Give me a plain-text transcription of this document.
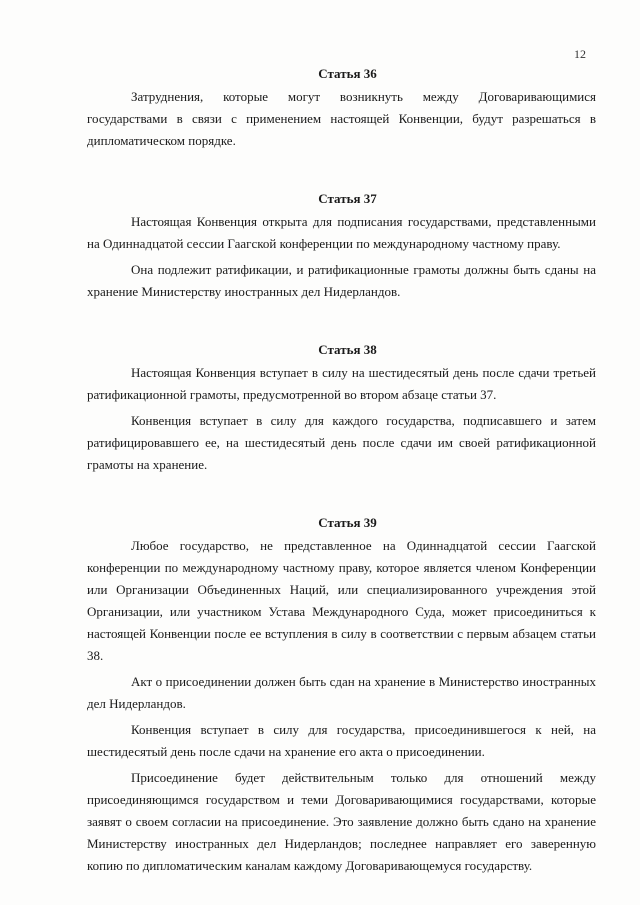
12
Статья 36

Затруднения, которые могут возникнуть между Договаривающимися государствами в связи с применением настоящей Конвенции, будут разрешаться в дипломатическом порядке.

Статья 37

Настоящая Конвенция открыта для подписания государствами, представленными на Одиннадцатой сессии Гаагской конференции по международному частному праву.

Она подлежит ратификации, и ратификационные грамоты должны быть сданы на хранение Министерству иностранных дел Нидерландов.

Статья 38

Настоящая Конвенция вступает в силу на шестидесятый день после сдачи третьей ратификационной грамоты, предусмотренной во втором абзаце статьи 37.

Конвенция вступает в силу для каждого государства, подписавшего и затем ратифицировавшего ее, на шестидесятый день после сдачи им своей ратификационной грамоты на хранение.

Статья 39

Любое государство, не представленное на Одиннадцатой сессии Гаагской конференции по международному частному праву, которое является членом Конференции или Организации Объединенных Наций, или специализированного учреждения этой Организации, или участником Устава Международного Суда, может присоединиться к настоящей Конвенции после ее вступления в силу в соответствии с первым абзацем статьи 38.

Акт о присоединении должен быть сдан на хранение в Министерство иностранных дел Нидерландов.

Конвенция вступает в силу для государства, присоединившегося к ней, на шестидесятый день после сдачи на хранение его акта о присоединении.

Присоединение будет действительным только для отношений между присоединяющимся государством и теми Договаривающимися государствами, которые заявят о своем согласии на присоединение. Это заявление должно быть сдано на хранение Министерству иностранных дел Нидерландов; последнее направляет его заверенную копию по дипломатическим каналам каждому Договаривающемуся государству.
